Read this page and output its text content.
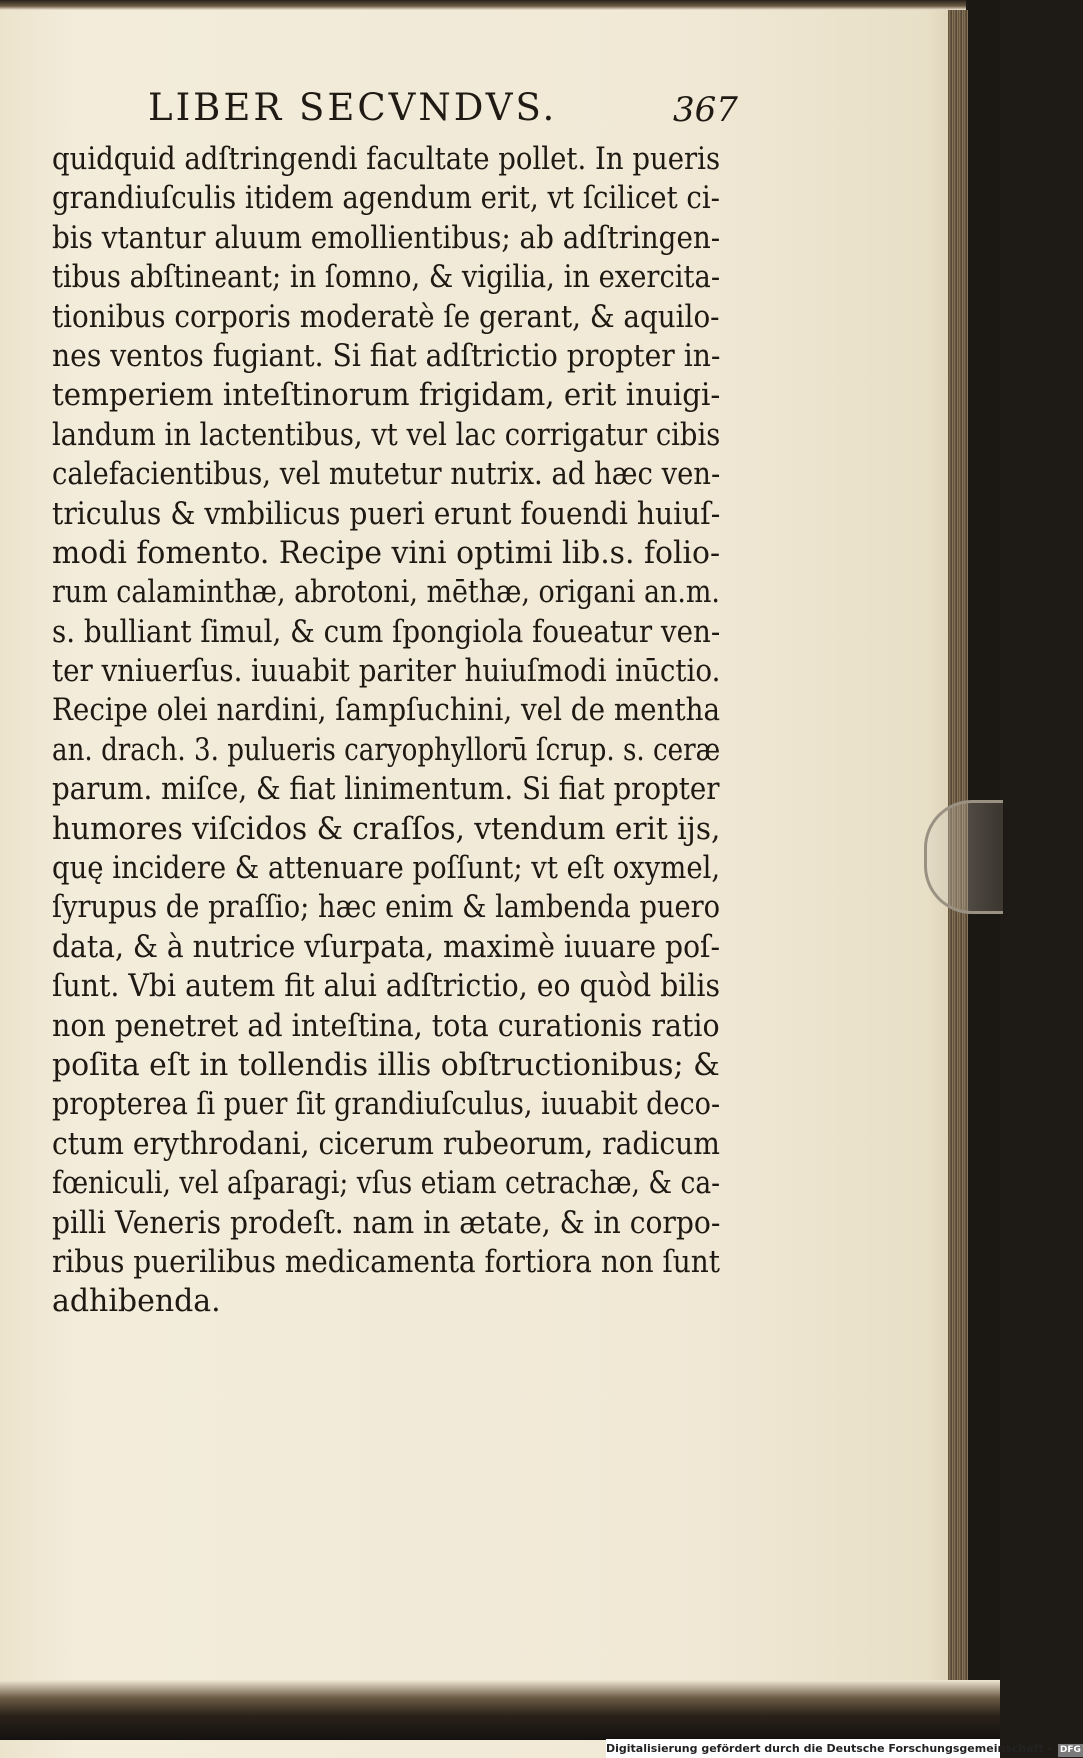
LIBER SECVNDVS.	367
quidquid adſtringendi facultate pollet. In pueris
grandiuſculis itidem agendum erit, vt ſcilicet ci-
bis vtantur aluum emollientibus; ab adſtringen-
tibus abſtineant; in ſomno, & vigilia, in exercita-
tionibus corporis moderatè ſe gerant, & aquilo-
nes ventos fugiant. Si fiat adſtrictio propter in-
temperiem inteſtinorum frigidam, erit inuigi-
landum in lactentibus, vt vel lac corrigatur cibis
calefacientibus, vel mutetur nutrix. ad hæc ven-
triculus & vmbilicus pueri erunt fouendi huiuſ-
modi fomento. Recipe vini optimi lib.s. folio-
rum calaminthæ, abrotoni, mēthæ, origani an.m.
s. bulliant ſimul, & cum ſpongiola foueatur ven-
ter vniuerſus. iuuabit pariter huiuſmodi inūctio.
Recipe olei nardini, ſampſuchini, vel de mentha
an. drach. 3. pulueris caryophyllorū ſcrup. s. ceræ
parum. miſce, & fiat linimentum. Si fiat propter
humores viſcidos & craſſos, vtendum erit ijs,
quę incidere & attenuare poſſunt; vt eſt oxymel,
ſyrupus de praſſio; hæc enim & lambenda puero
data, & à nutrice vſurpata, maximè iuuare poſ-
ſunt. Vbi autem fit alui adſtrictio, eo quòd bilis
non penetret ad inteſtina, tota curationis ratio
poſita eſt in tollendis illis obſtructionibus; &
propterea ſi puer ſit grandiuſculus, iuuabit deco-
ctum erythrodani, cicerum rubeorum, radicum
fœniculi, vel aſparagi; vſus etiam cetrachæ, & ca-
pilli Veneris prodeſt. nam in ætate, & in corpo-
ribus puerilibus medicamenta fortiora non ſunt
adhibenda.
Digitalisierung gefördert durch die Deutsche Forschungsgemeinschaft - DFG
